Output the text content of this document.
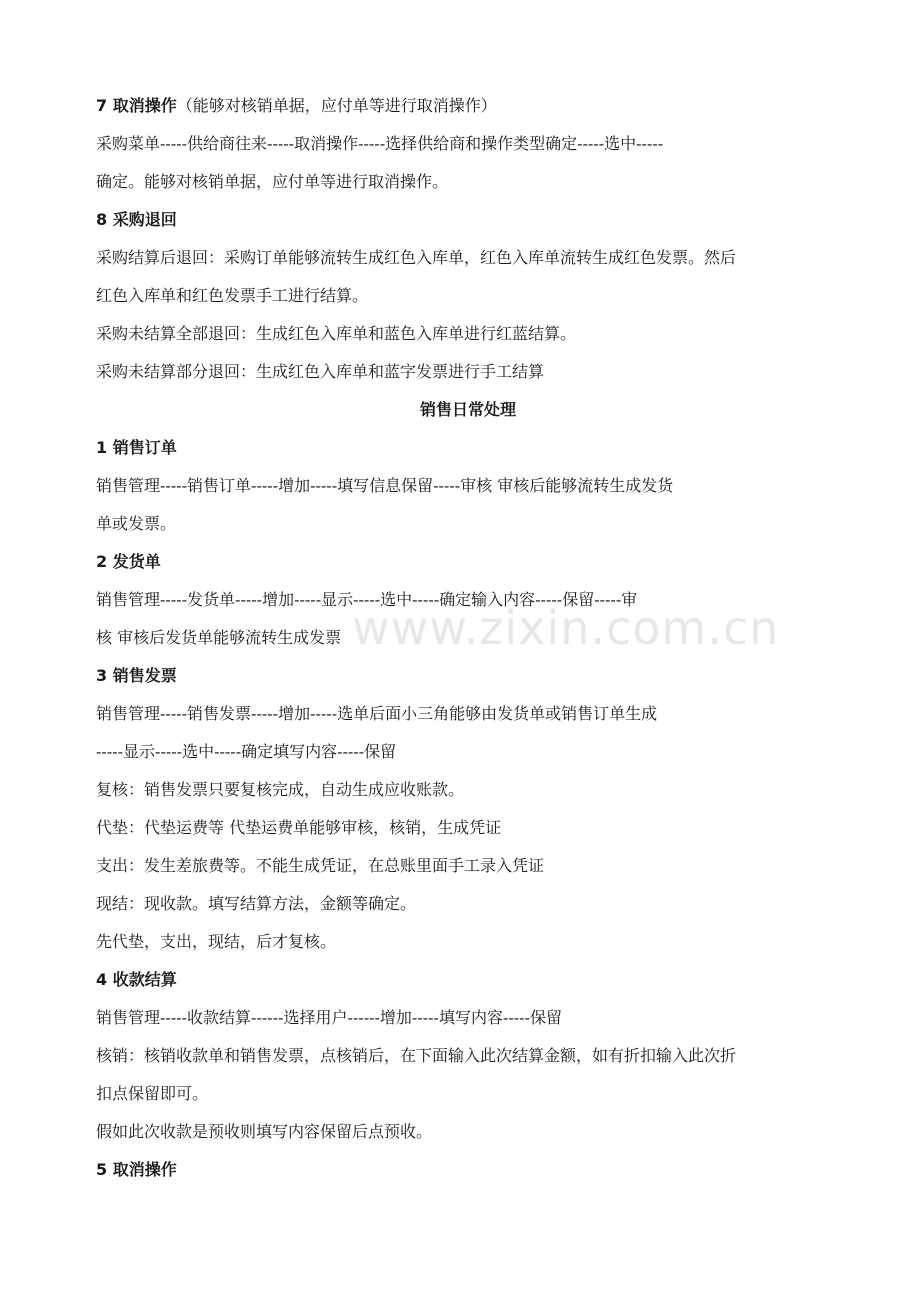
7 取消操作（能够对核销单据，应付单等进行取消操作）
采购菜单-----供给商往来-----取消操作-----选择供给商和操作类型确定-----选中-----
确定。能够对核销单据，应付单等进行取消操作。
8 采购退回
采购结算后退回：采购订单能够流转生成红色入库单，红色入库单流转生成红色发票。然后
红色入库单和红色发票手工进行结算。
采购未结算全部退回：生成红色入库单和蓝色入库单进行红蓝结算。
采购未结算部分退回：生成红色入库单和蓝字发票进行手工结算
销售日常处理
1 销售订单
销售管理-----销售订单-----增加-----填写信息保留-----审核 审核后能够流转生成发货
单或发票。
2 发货单
销售管理-----发货单-----增加-----显示-----选中-----确定输入内容-----保留-----审
核 审核后发货单能够流转生成发票
3 销售发票
销售管理-----销售发票-----增加-----选单后面小三角能够由发货单或销售订单生成
-----显示-----选中-----确定填写内容-----保留
复核：销售发票只要复核完成，自动生成应收账款。
代垫：代垫运费等 代垫运费单能够审核，核销，生成凭证
支出：发生差旅费等。不能生成凭证，在总账里面手工录入凭证
现结：现收款。填写结算方法，金额等确定。
先代垫，支出，现结，后才复核。
4 收款结算
销售管理-----收款结算------选择用户------增加-----填写内容-----保留
核销：核销收款单和销售发票，点核销后，在下面输入此次结算金额，如有折扣输入此次折
扣点保留即可。
假如此次收款是预收则填写内容保留后点预收。
5 取消操作
www.zixin.com.cn
